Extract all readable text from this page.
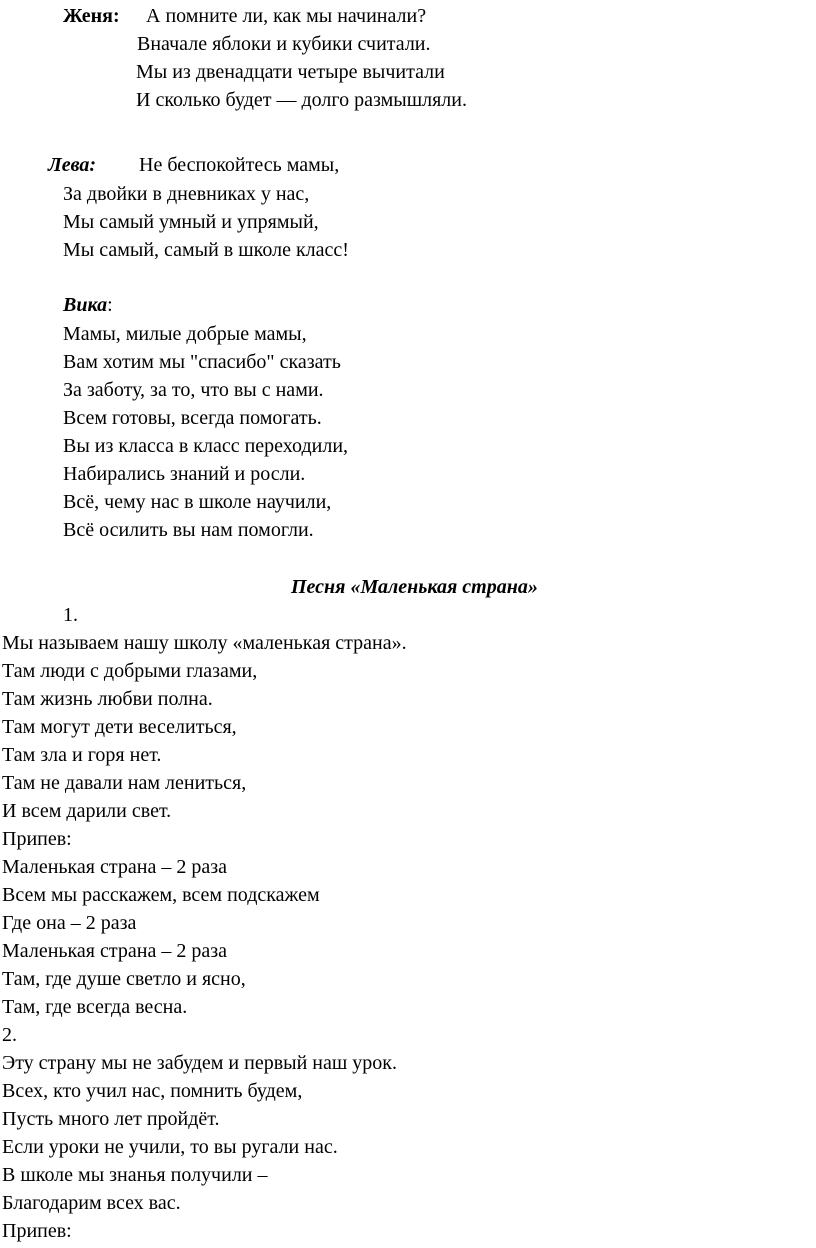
Женя: А помните ли, как мы начинали?
Вначале яблоки и кубики считали.
Мы из двенадцати четыре вычитали
И сколько будет — долго размышляли.
Лева: Не беспокойтесь мамы,
За двойки в дневниках у нас,
Мы самый умный и упрямый,
Мы самый, самый в школе класс!
Вика:
Мамы, милые добрые мамы,
Вам хотим мы "спасибо" сказать
За заботу, за то, что вы с нами.
Всем готовы, всегда помогать.
Вы из класса в класс переходили,
Набирались знаний и росли.
Всё, чему нас в школе научили,
Всё осилить вы нам помогли.
Песня «Маленькая страна»
1.
Мы называем нашу школу «маленькая страна».
Там люди с добрыми глазами,
Там жизнь любви полна.
Там могут дети веселиться,
Там зла и горя нет.
Там не давали нам лениться,
И всем дарили свет.
Припев:
Маленькая страна – 2 раза
Всем мы расскажем, всем подскажем
Где она – 2 раза
Маленькая страна – 2 раза
Там, где душе светло и ясно,
Там, где всегда весна.
2.
Эту страну мы не забудем и первый наш урок.
Всех, кто учил нас, помнить будем,
Пусть много лет пройдёт.
Если уроки не учили, то вы ругали нас.
В школе мы знанья получили –
Благодарим всех вас.
Припев:
